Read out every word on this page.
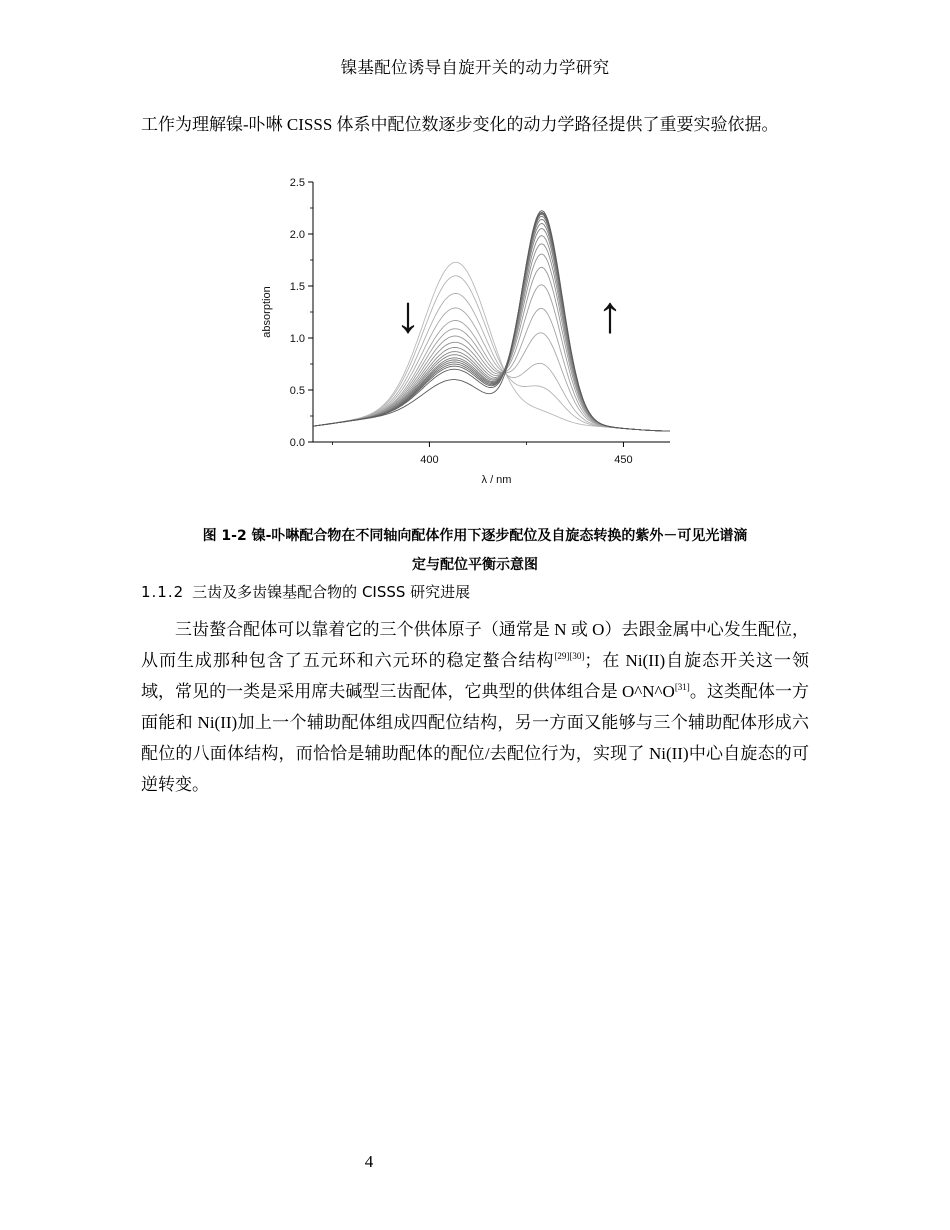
镍基配位诱导自旋开关的动力学研究
工作为理解镍-卟啉 CISSS 体系中配位数逐步变化的动力学路径提供了重要实验依据。
0.0
0.5
1.0
1.5
2.0
2.5
400	450
λ / nm
absorption ↓	↑
图 1-2 镍-卟啉配合物在不同轴向配体作用下逐步配位及自旋态转换的紫外－可见光谱滴
定与配位平衡示意图
1.1.2 三齿及多齿镍基配合物的 CISSS 研究进展
三齿螯合配体可以靠着它的三个供体原子（通常是 N 或 O）去跟金属中心发生配位，从而生成那种包含了五元环和六元环的稳定螯合结构[29][30]；在 Ni(II)自旋态开关这一领域，常见的一类是采用席夫碱型三齿配体，它典型的供体组合是 O^N^O[31]。这类配体一方面能和 Ni(II)加上一个辅助配体组成四配位结构，另一方面又能够与三个辅助配体形成六配位的八面体结构，而恰恰是辅助配体的配位/去配位行为，实现了 Ni(II)中心自旋态的可逆转变。
4
